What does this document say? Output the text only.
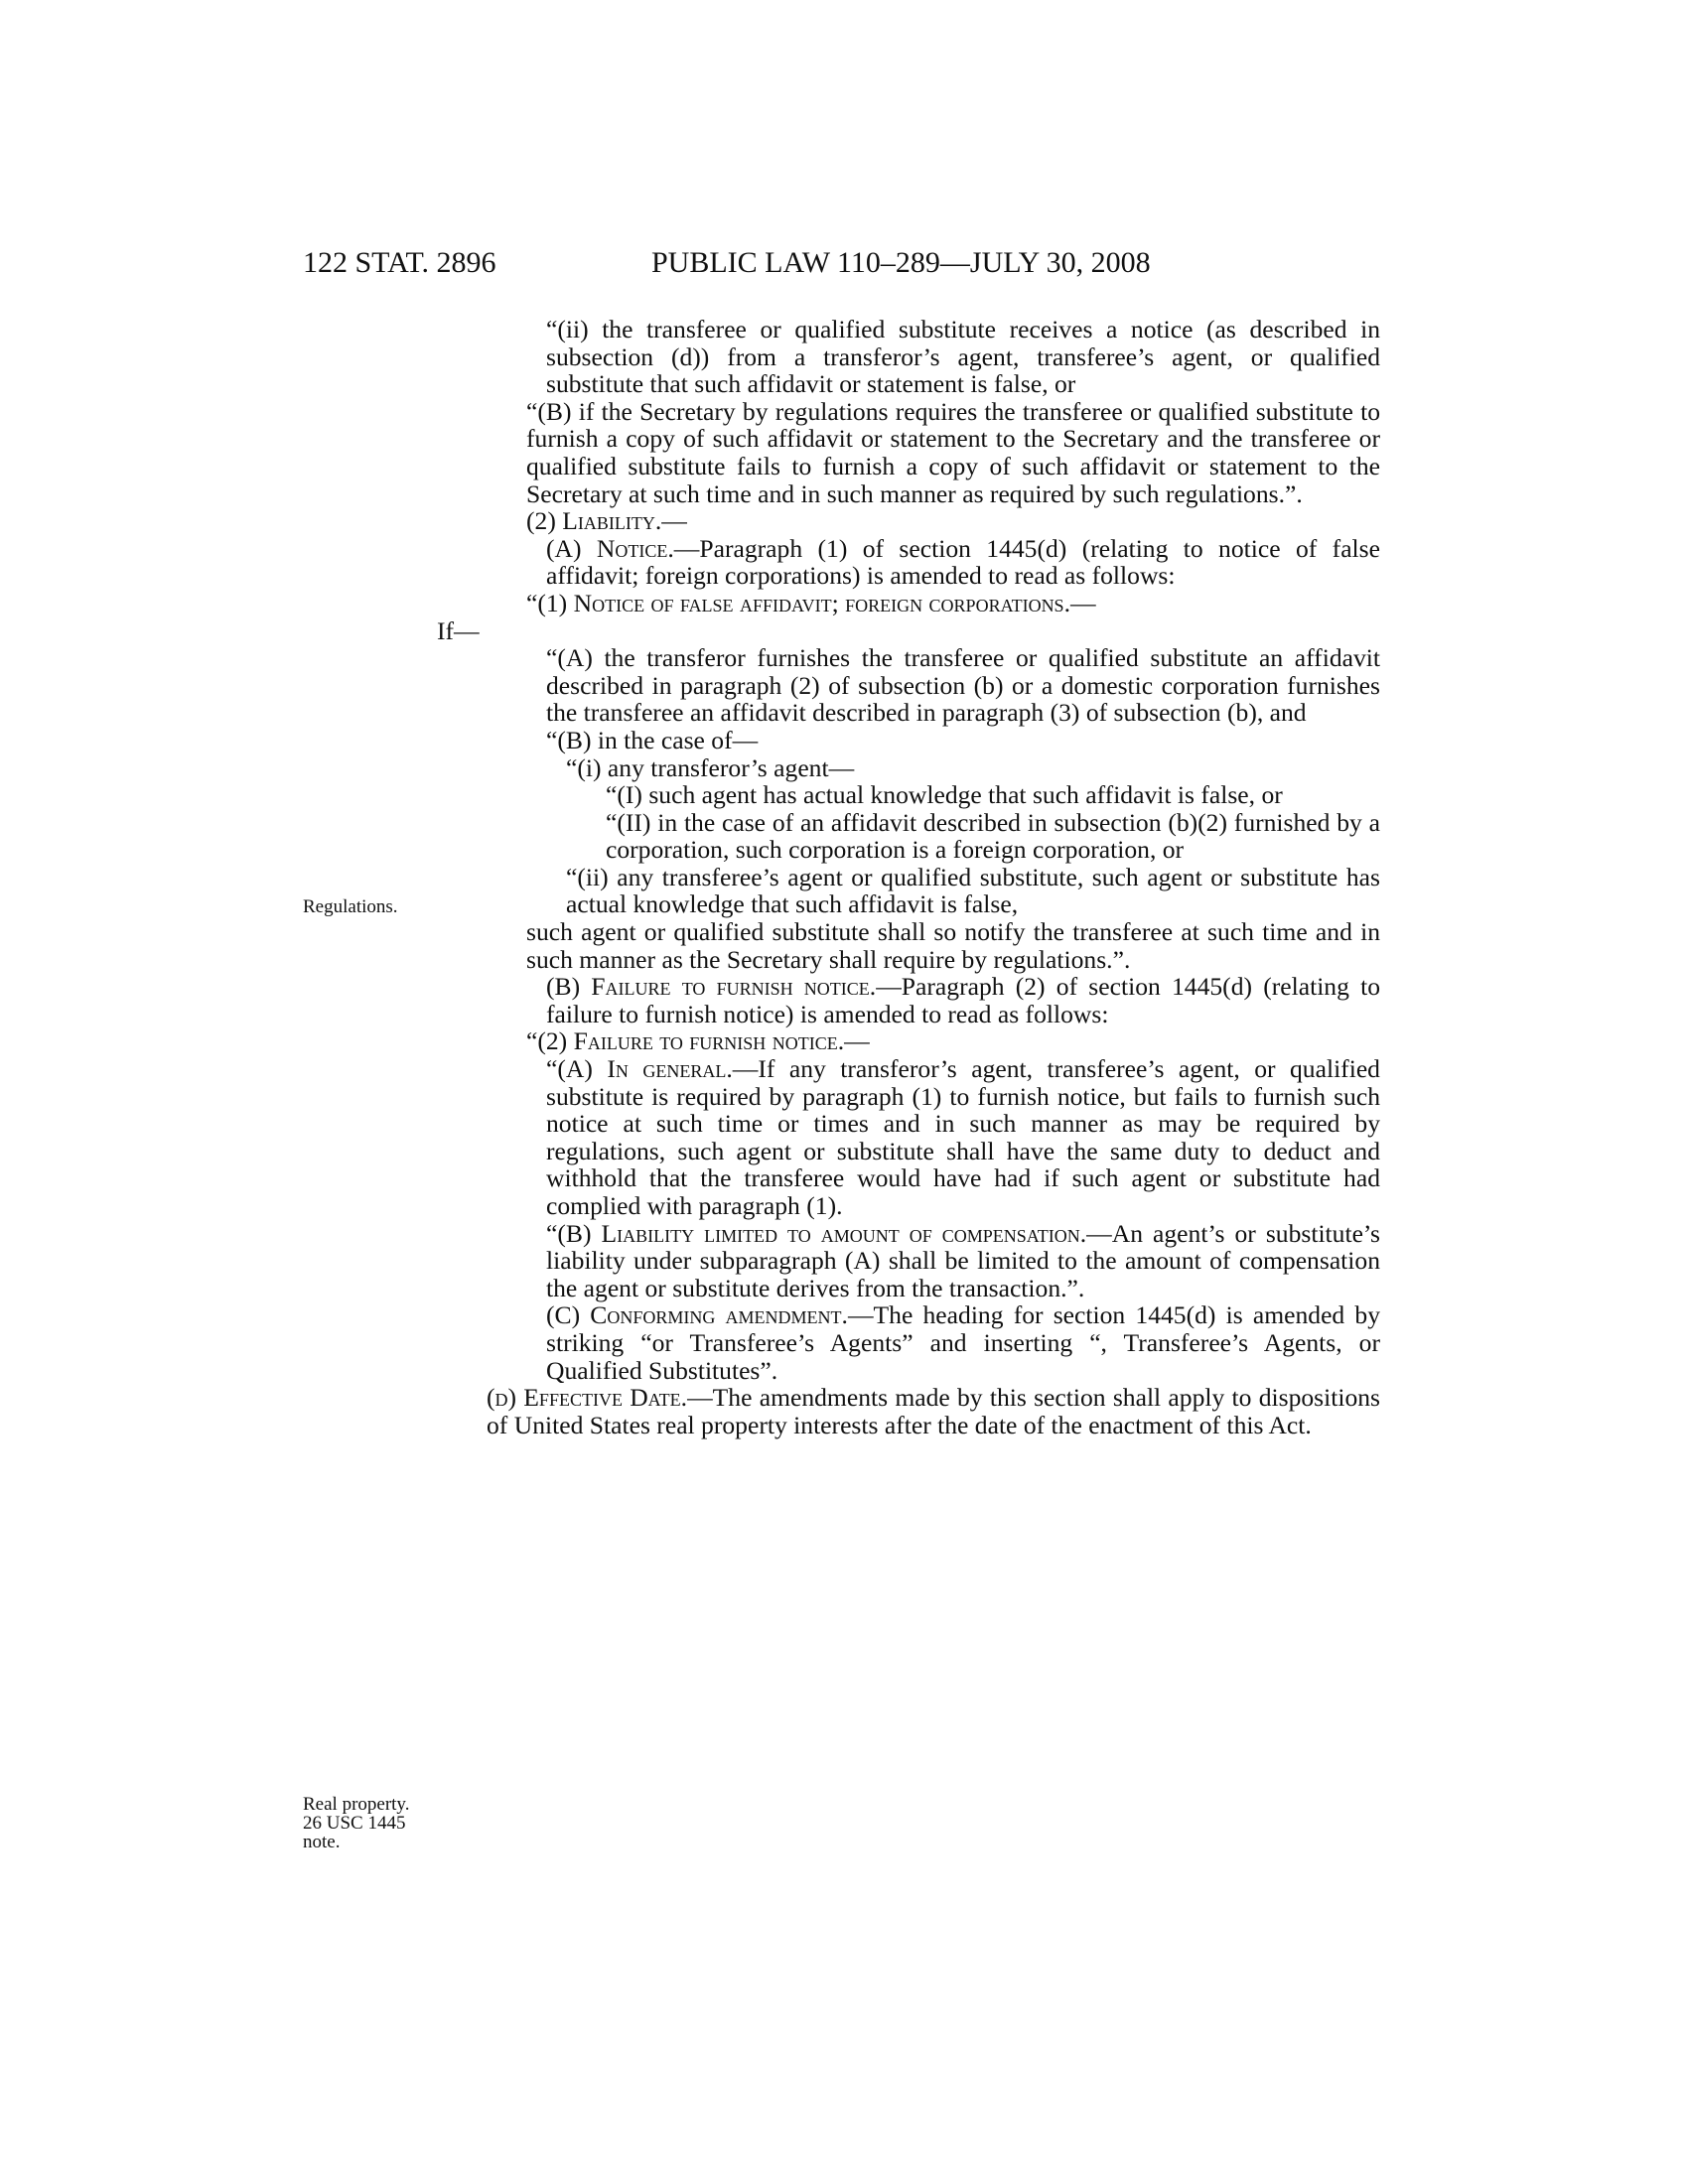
122 STAT. 2896	PUBLIC LAW 110–289—JULY 30, 2008
Regulations.
Real property.
26 USC 1445
note.

“(ii) the transferee or qualified substitute receives a notice (as described in subsection (d)) from a transferor’s agent, transferee’s agent, or qualified substitute that such affidavit or statement is false, or

“(B) if the Secretary by regulations requires the transferee or qualified substitute to furnish a copy of such affidavit or statement to the Secretary and the transferee or qualified substitute fails to furnish a copy of such affidavit or statement to the Secretary at such time and in such manner as required by such regulations.”.

(2) Liability.—

(A) Notice.—Paragraph (1) of section 1445(d) (relating to notice of false affidavit; foreign corporations) is amended to read as follows:

“(1) Notice of false affidavit; foreign corporations.—

If—

“(A) the transferor furnishes the transferee or qualified substitute an affidavit described in paragraph (2) of subsection (b) or a domestic corporation furnishes the transferee an affidavit described in paragraph (3) of subsection (b), and

“(B) in the case of—

“(i) any transferor’s agent—

“(I) such agent has actual knowledge that such affidavit is false, or

“(II) in the case of an affidavit described in subsection (b)(2) furnished by a corporation, such corporation is a foreign corporation, or

“(ii) any transferee’s agent or qualified substitute, such agent or substitute has actual knowledge that such affidavit is false,

such agent or qualified substitute shall so notify the transferee at such time and in such manner as the Secretary shall require by regulations.”.

(B) Failure to furnish notice.—Paragraph (2) of section 1445(d) (relating to failure to furnish notice) is amended to read as follows:

“(2) Failure to furnish notice.—

“(A) In general.—If any transferor’s agent, transferee’s agent, or qualified substitute is required by paragraph (1) to furnish notice, but fails to furnish such notice at such time or times and in such manner as may be required by regulations, such agent or substitute shall have the same duty to deduct and withhold that the transferee would have had if such agent or substitute had complied with paragraph (1).

“(B) Liability limited to amount of compensation.—An agent’s or substitute’s liability under subparagraph (A) shall be limited to the amount of compensation the agent or substitute derives from the transaction.”.

(C) Conforming amendment.—The heading for section 1445(d) is amended by striking “or Transferee’s Agents” and inserting “, Transferee’s Agents, or Qualified Substitutes”.

(d) Effective Date.—The amendments made by this section shall apply to dispositions of United States real property interests after the date of the enactment of this Act.
